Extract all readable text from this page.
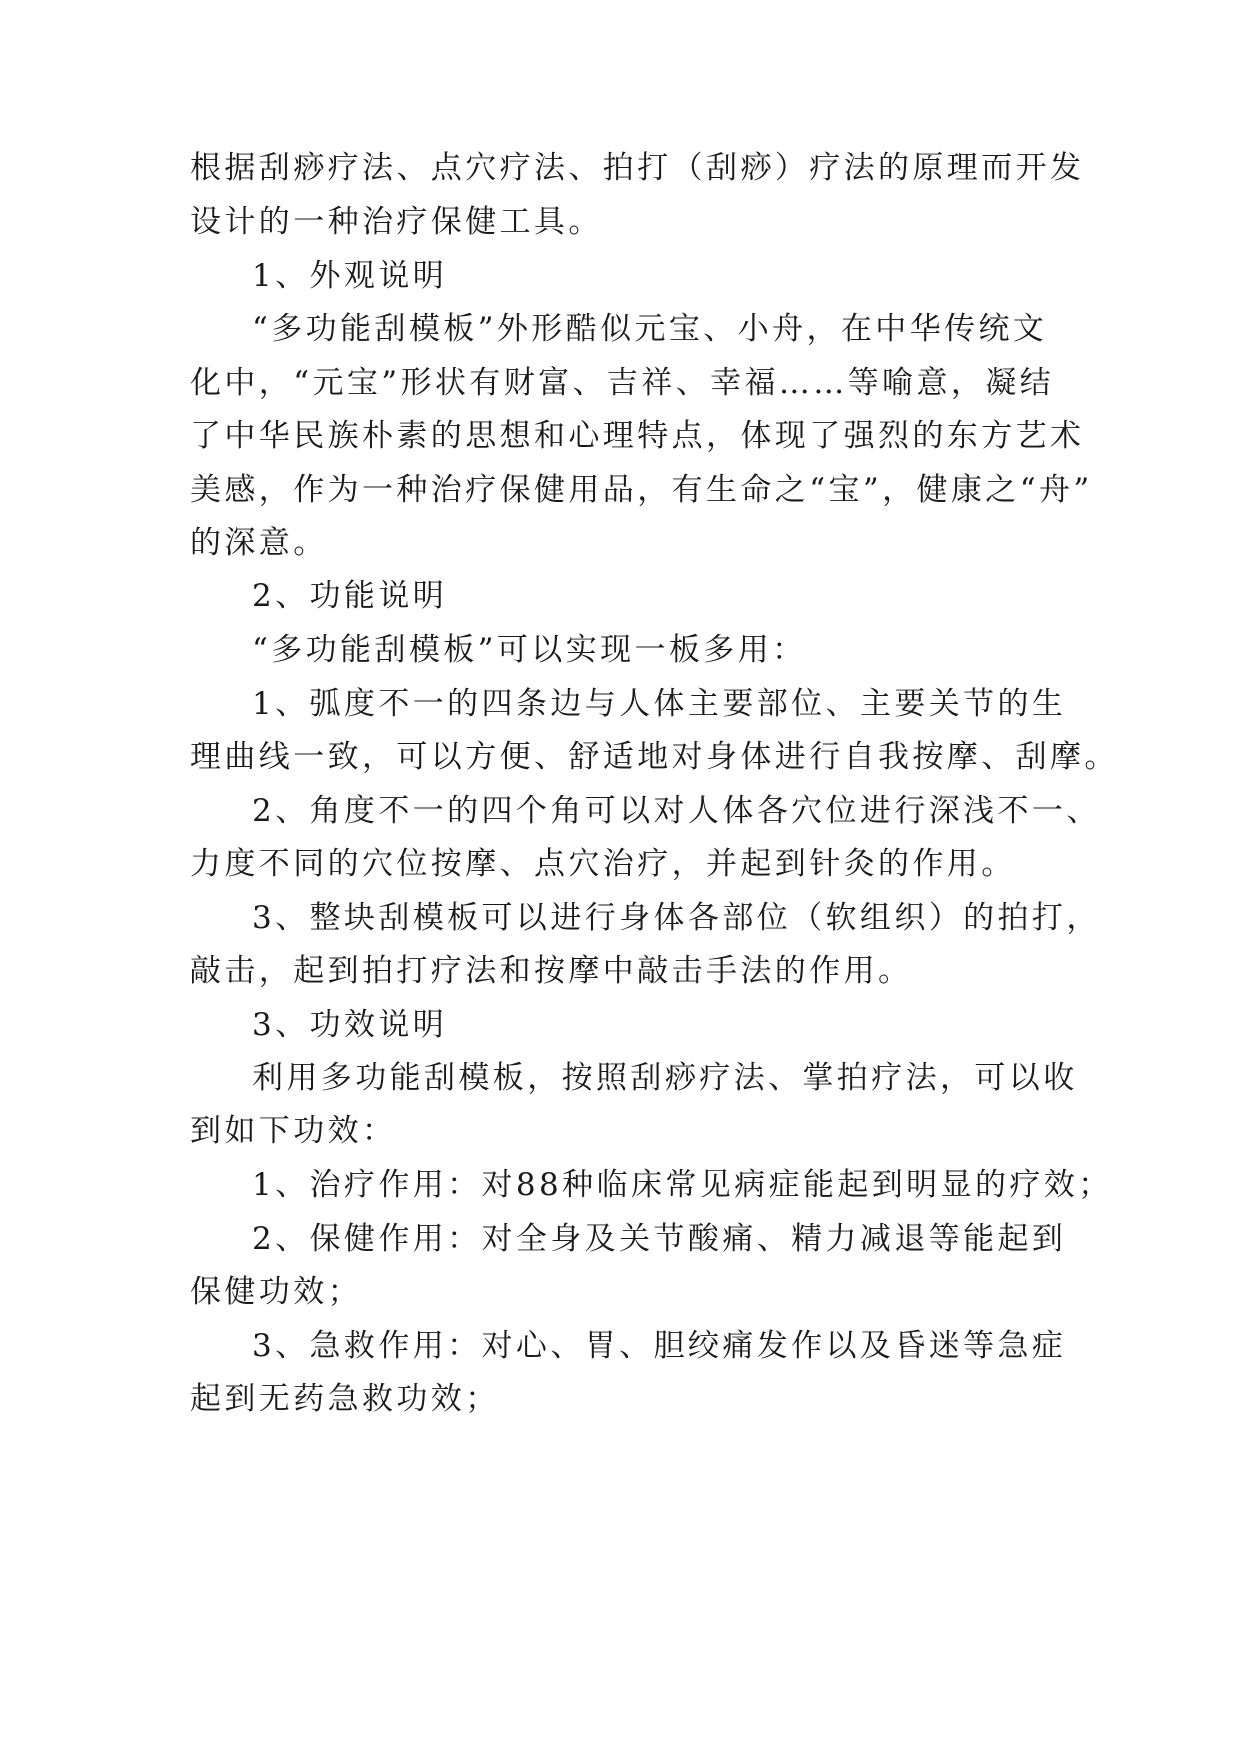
根据刮痧疗法、点穴疗法、拍打（刮痧）疗法的原理而开发
设计的一种治疗保健工具。
1、外观说明
“多功能刮模板”外形酷似元宝、小舟，在中华传统文
化中，“元宝”形状有财富、吉祥、幸福……等喻意，凝结
了中华民族朴素的思想和心理特点，体现了强烈的东方艺术
美感，作为一种治疗保健用品，有生命之“宝”，健康之“舟”
的深意。
2、功能说明
“多功能刮模板”可以实现一板多用：
1、弧度不一的四条边与人体主要部位、主要关节的生
理曲线一致，可以方便、舒适地对身体进行自我按摩、刮摩。
2、角度不一的四个角可以对人体各穴位进行深浅不一、
力度不同的穴位按摩、点穴治疗，并起到针灸的作用。
3、整块刮模板可以进行身体各部位（软组织）的拍打，
敲击，起到拍打疗法和按摩中敲击手法的作用。
3、功效说明
利用多功能刮模板，按照刮痧疗法、掌拍疗法，可以收
到如下功效：
1、治疗作用：对88种临床常见病症能起到明显的疗效；
2、保健作用：对全身及关节酸痛、精力减退等能起到
保健功效；
3、急救作用：对心、胃、胆绞痛发作以及昏迷等急症
起到无药急救功效；
